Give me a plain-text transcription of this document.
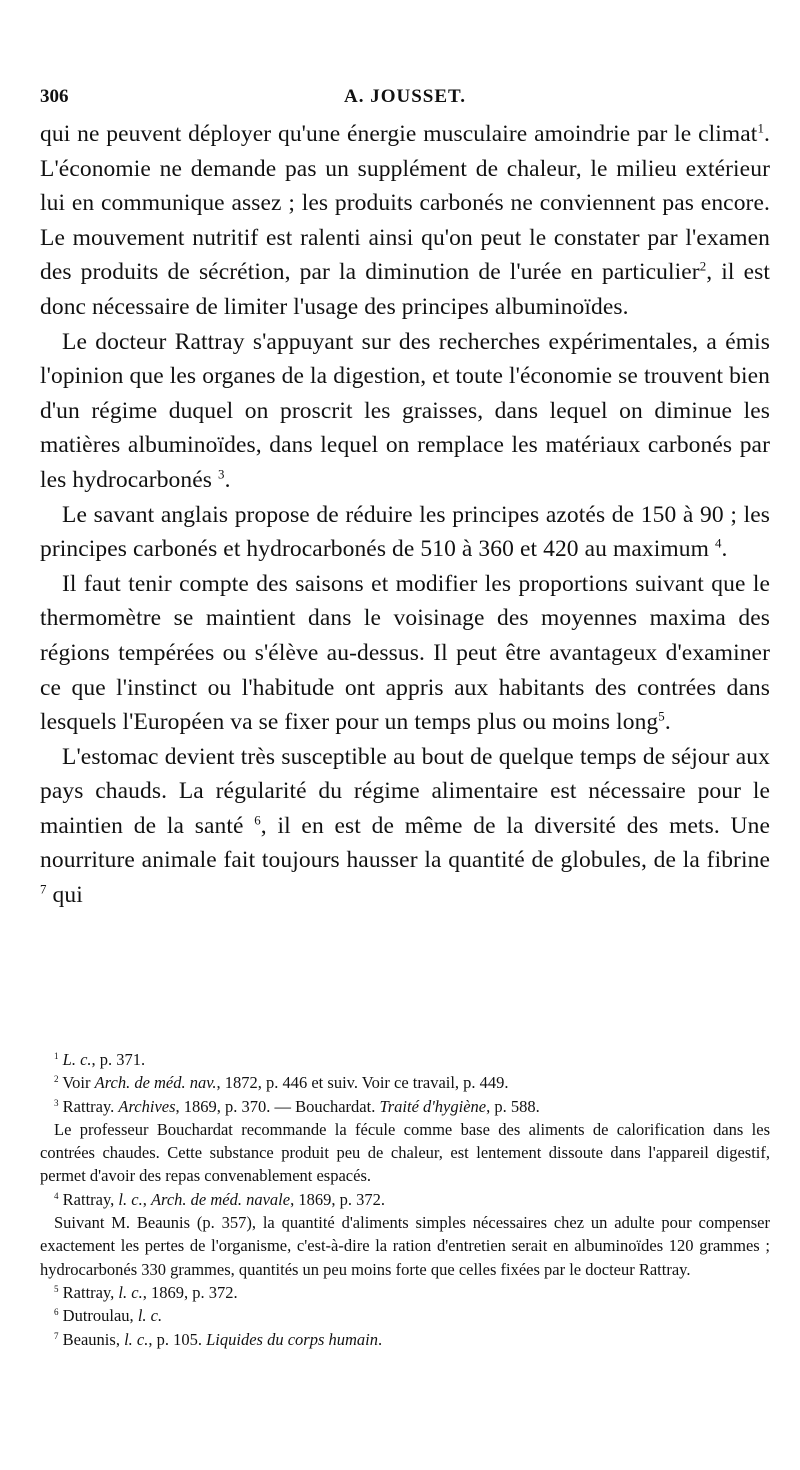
306	A. JOUSSET.

qui ne peuvent déployer qu'une énergie musculaire amoindrie par le climat$^1$. L'économie ne demande pas un supplément de chaleur, le milieu extérieur lui en communique assez ; les produits carbonés ne conviennent pas encore. Le mouvement nutritif est ralenti ainsi qu'on peut le constater par l'examen des produits de sécrétion, par la diminution de l'urée en particulier$^2$, il est donc nécessaire de limiter l'usage des principes albuminoïdes.

Le docteur Rattray s'appuyant sur des recherches expérimentales, a émis l'opinion que les organes de la digestion, et toute l'économie se trouvent bien d'un régime duquel on proscrit les graisses, dans lequel on diminue les matières albuminoïdes, dans lequel on remplace les matériaux carbonés par les hydrocarbonés $^3$.

Le savant anglais propose de réduire les principes azotés de 150 à 90 ; les principes carbonés et hydrocarbonés de 510 à 360 et 420 au maximum $^4$.

Il faut tenir compte des saisons et modifier les proportions suivant que le thermomètre se maintient dans le voisinage des moyennes maxima des régions tempérées ou s'élève au-dessus. Il peut être avantageux d'examiner ce que l'instinct ou l'habitude ont appris aux habitants des contrées dans lesquels l'Européen va se fixer pour un temps plus ou moins long$^5$.

L'estomac devient très susceptible au bout de quelque temps de séjour aux pays chauds. La régularité du régime alimentaire est nécessaire pour le maintien de la santé $^6$, il en est de même de la diversité des mets. Une nourriture animale fait toujours hausser la quantité de globules, de la fibrine $^7$ qui

$^1$ L. c., p. 371.

$^2$ Voir Arch. de méd. nav., 1872, p. 446 et suiv. Voir ce travail, p. 449.

$^3$ Rattray. Archives, 1869, p. 370. — Bouchardat. Traité d'hygiène, p. 588.

Le professeur Bouchardat recommande la fécule comme base des aliments de calorification dans les contrées chaudes. Cette substance produit peu de chaleur, est lentement dissoute dans l'appareil digestif, permet d'avoir des repas convenablement espacés.

$^4$ Rattray, l. c., Arch. de méd. navale, 1869, p. 372.

Suivant M. Beaunis (p. 357), la quantité d'aliments simples nécessaires chez un adulte pour compenser exactement les pertes de l'organisme, c'est-à-dire la ration d'entretien serait en albuminoïdes 120 grammes ; hydrocarbonés 330 grammes, quantités un peu moins forte que celles fixées par le docteur Rattray.

$^5$ Rattray, l. c., 1869, p. 372.

$^6$ Dutroulau, l. c.

$^7$ Beaunis, l. c., p. 105. Liquides du corps humain.
